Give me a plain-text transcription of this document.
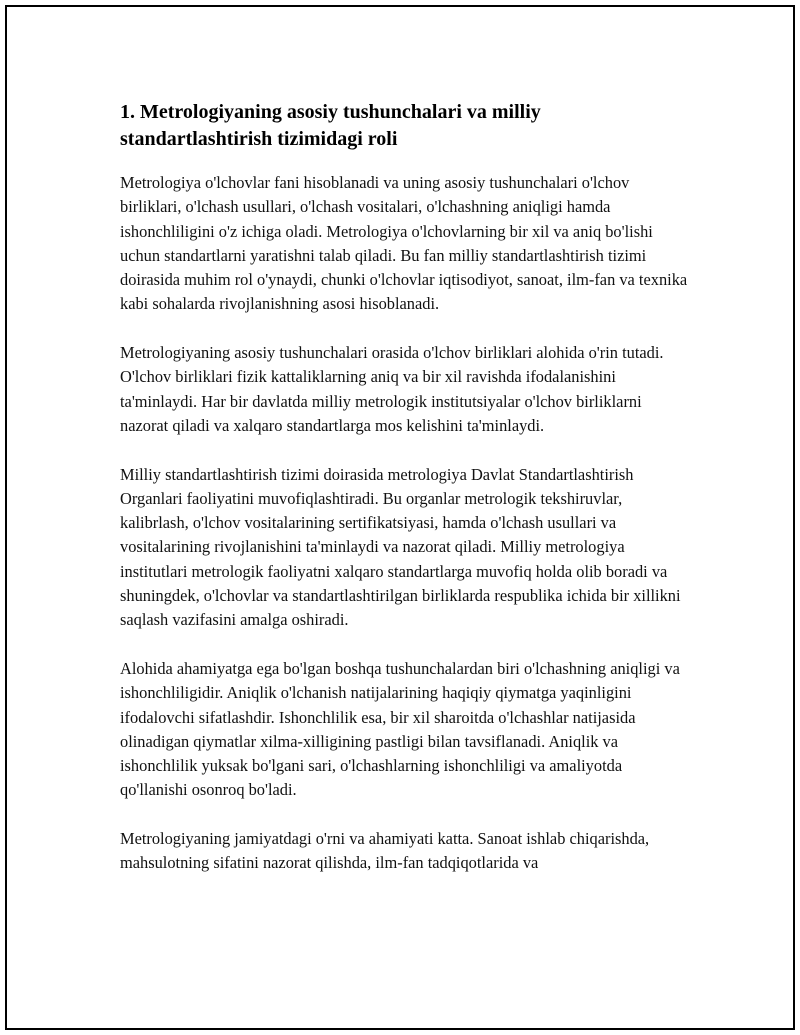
1. Metrologiyaning asosiy tushunchalari va milliy standartlashtirish tizimidagi roli

Metrologiya o'lchovlar fani hisoblanadi va uning asosiy tushunchalari o'lchov birliklari, o'lchash usullari, o'lchash vositalari, o'lchashning aniqligi hamda ishonchliligini o'z ichiga oladi. Metrologiya o'lchovlarning bir xil va aniq bo'lishi uchun standartlarni yaratishni talab qiladi. Bu fan milliy standartlashtirish tizimi doirasida muhim rol o'ynaydi, chunki o'lchovlar iqtisodiyot, sanoat, ilm-fan va texnika kabi sohalarda rivojlanishning asosi hisoblanadi.

Metrologiyaning asosiy tushunchalari orasida o'lchov birliklari alohida o'rin tutadi. O'lchov birliklari fizik kattaliklarning aniq va bir xil ravishda ifodalanishini ta'minlaydi. Har bir davlatda milliy metrologik institutsiyalar o'lchov birliklarni nazorat qiladi va xalqaro standartlarga mos kelishini ta'minlaydi.

Milliy standartlashtirish tizimi doirasida metrologiya Davlat Standartlashtirish Organlari faoliyatini muvofiqlashtiradi. Bu organlar metrologik tekshiruvlar, kalibrlash, o'lchov vositalarining sertifikatsiyasi, hamda o'lchash usullari va vositalarining rivojlanishini ta'minlaydi va nazorat qiladi. Milliy metrologiya institutlari metrologik faoliyatni xalqaro standartlarga muvofiq holda olib boradi va shuningdek, o'lchovlar va standartlashtirilgan birliklarda respublika ichida bir xillikni saqlash vazifasini amalga oshiradi.

Alohida ahamiyatga ega bo'lgan boshqa tushunchalardan biri o'lchashning aniqligi va ishonchliligidir. Aniqlik o'lchanish natijalarining haqiqiy qiymatga yaqinligini ifodalovchi sifatlashdir. Ishonchlilik esa, bir xil sharoitda o'lchashlar natijasida olinadigan qiymatlar xilma-xilligining pastligi bilan tavsiflanadi. Aniqlik va ishonchlilik yuksak bo'lgani sari, o'lchashlarning ishonchliligi va amaliyotda qo'llanishi osonroq bo'ladi.

Metrologiyaning jamiyatdagi o'rni va ahamiyati katta. Sanoat ishlab chiqarishda, mahsulotning sifatini nazorat qilishda, ilm-fan tadqiqotlarida va
